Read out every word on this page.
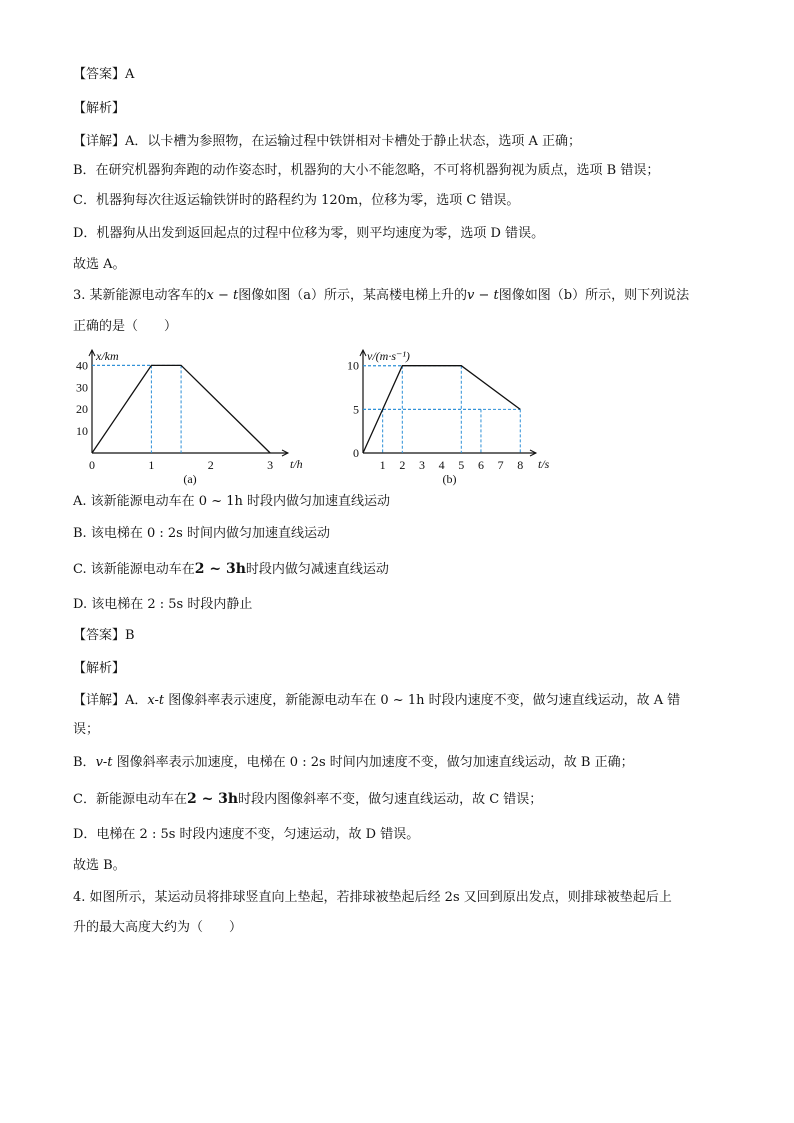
【答案】A
【解析】
【详解】A．以卡槽为参照物，在运输过程中铁饼相对卡槽处于静止状态，选项 A 正确；
B．在研究机器狗奔跑的动作姿态时，机器狗的大小不能忽略，不可将机器狗视为质点，选项 B 错误；
C．机器狗每次往返运输铁饼时的路程约为 120m，位移为零，选项 C 错误。
D．机器狗从出发到返回起点的过程中位移为零，则平均速度为零，选项 D 错误。
故选 A。
3. 某新能源电动客车的x − t图像如图（a）所示，某高楼电梯上升的v − t图像如图（b）所示，则下列说法
正确的是（　　）
x/km
t/h
0	1	2	3
10
20
30
40
(a)
v/(m·s⁻¹)
t/s
1 2 3 4 5 6 7 8
5
10
0
(b)
A. 该新能源电动车在 0 ~ 1h 时段内做匀加速直线运动
B. 该电梯在 0 : 2s 时间内做匀加速直线运动
C. 该新能源电动车在2 ~ 3h时段内做匀减速直线运动
D. 该电梯在 2 : 5s 时段内静止
【答案】B
【解析】
【详解】A．x-t 图像斜率表示速度，新能源电动车在 0 ~ 1h 时段内速度不变，做匀速直线运动，故 A 错
误；
B．v-t 图像斜率表示加速度，电梯在 0 : 2s 时间内加速度不变，做匀加速直线运动，故 B 正确；
C．新能源电动车在2 ~ 3h时段内图像斜率不变，做匀速直线运动，故 C 错误；
D．电梯在 2 : 5s 时段内速度不变，匀速运动，故 D 错误。
故选 B。
4. 如图所示，某运动员将排球竖直向上垫起，若排球被垫起后经 2s 又回到原出发点，则排球被垫起后上
升的最大高度大约为（　　）
